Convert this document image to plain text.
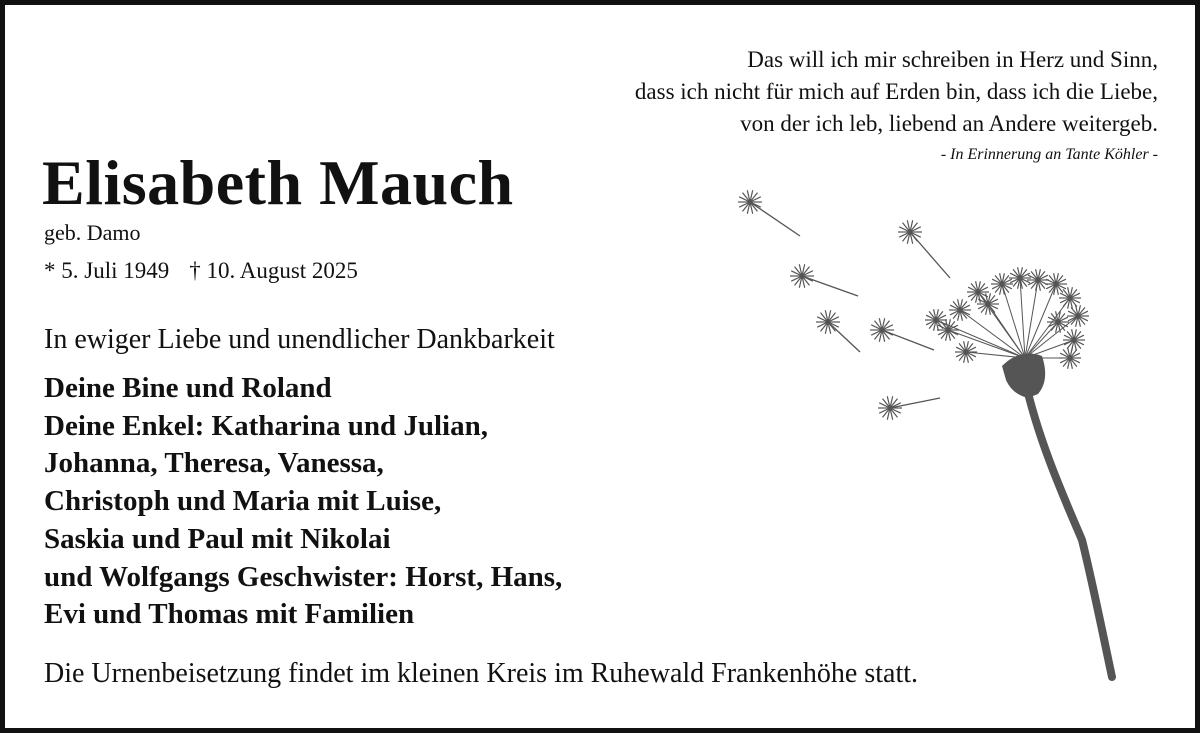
Das will ich mir schreiben in Herz und Sinn,
dass ich nicht für mich auf Erden bin, dass ich die Liebe,
von der ich leb, liebend an Andere weitergeb.
- In Erinnerung an Tante Köhler -
Elisabeth Mauch
geb. Damo
* 5. Juli 1949 † 10. August 2025
In ewiger Liebe und unendlicher Dankbarkeit
Deine Bine und Roland
Deine Enkel: Katharina und Julian,
Johanna, Theresa, Vanessa,
Christoph und Maria mit Luise,
Saskia und Paul mit Nikolai
und Wolfgangs Geschwister: Horst, Hans,
Evi und Thomas mit Familien
Die Urnenbeisetzung findet im kleinen Kreis im Ruhewald Frankenhöhe statt.
